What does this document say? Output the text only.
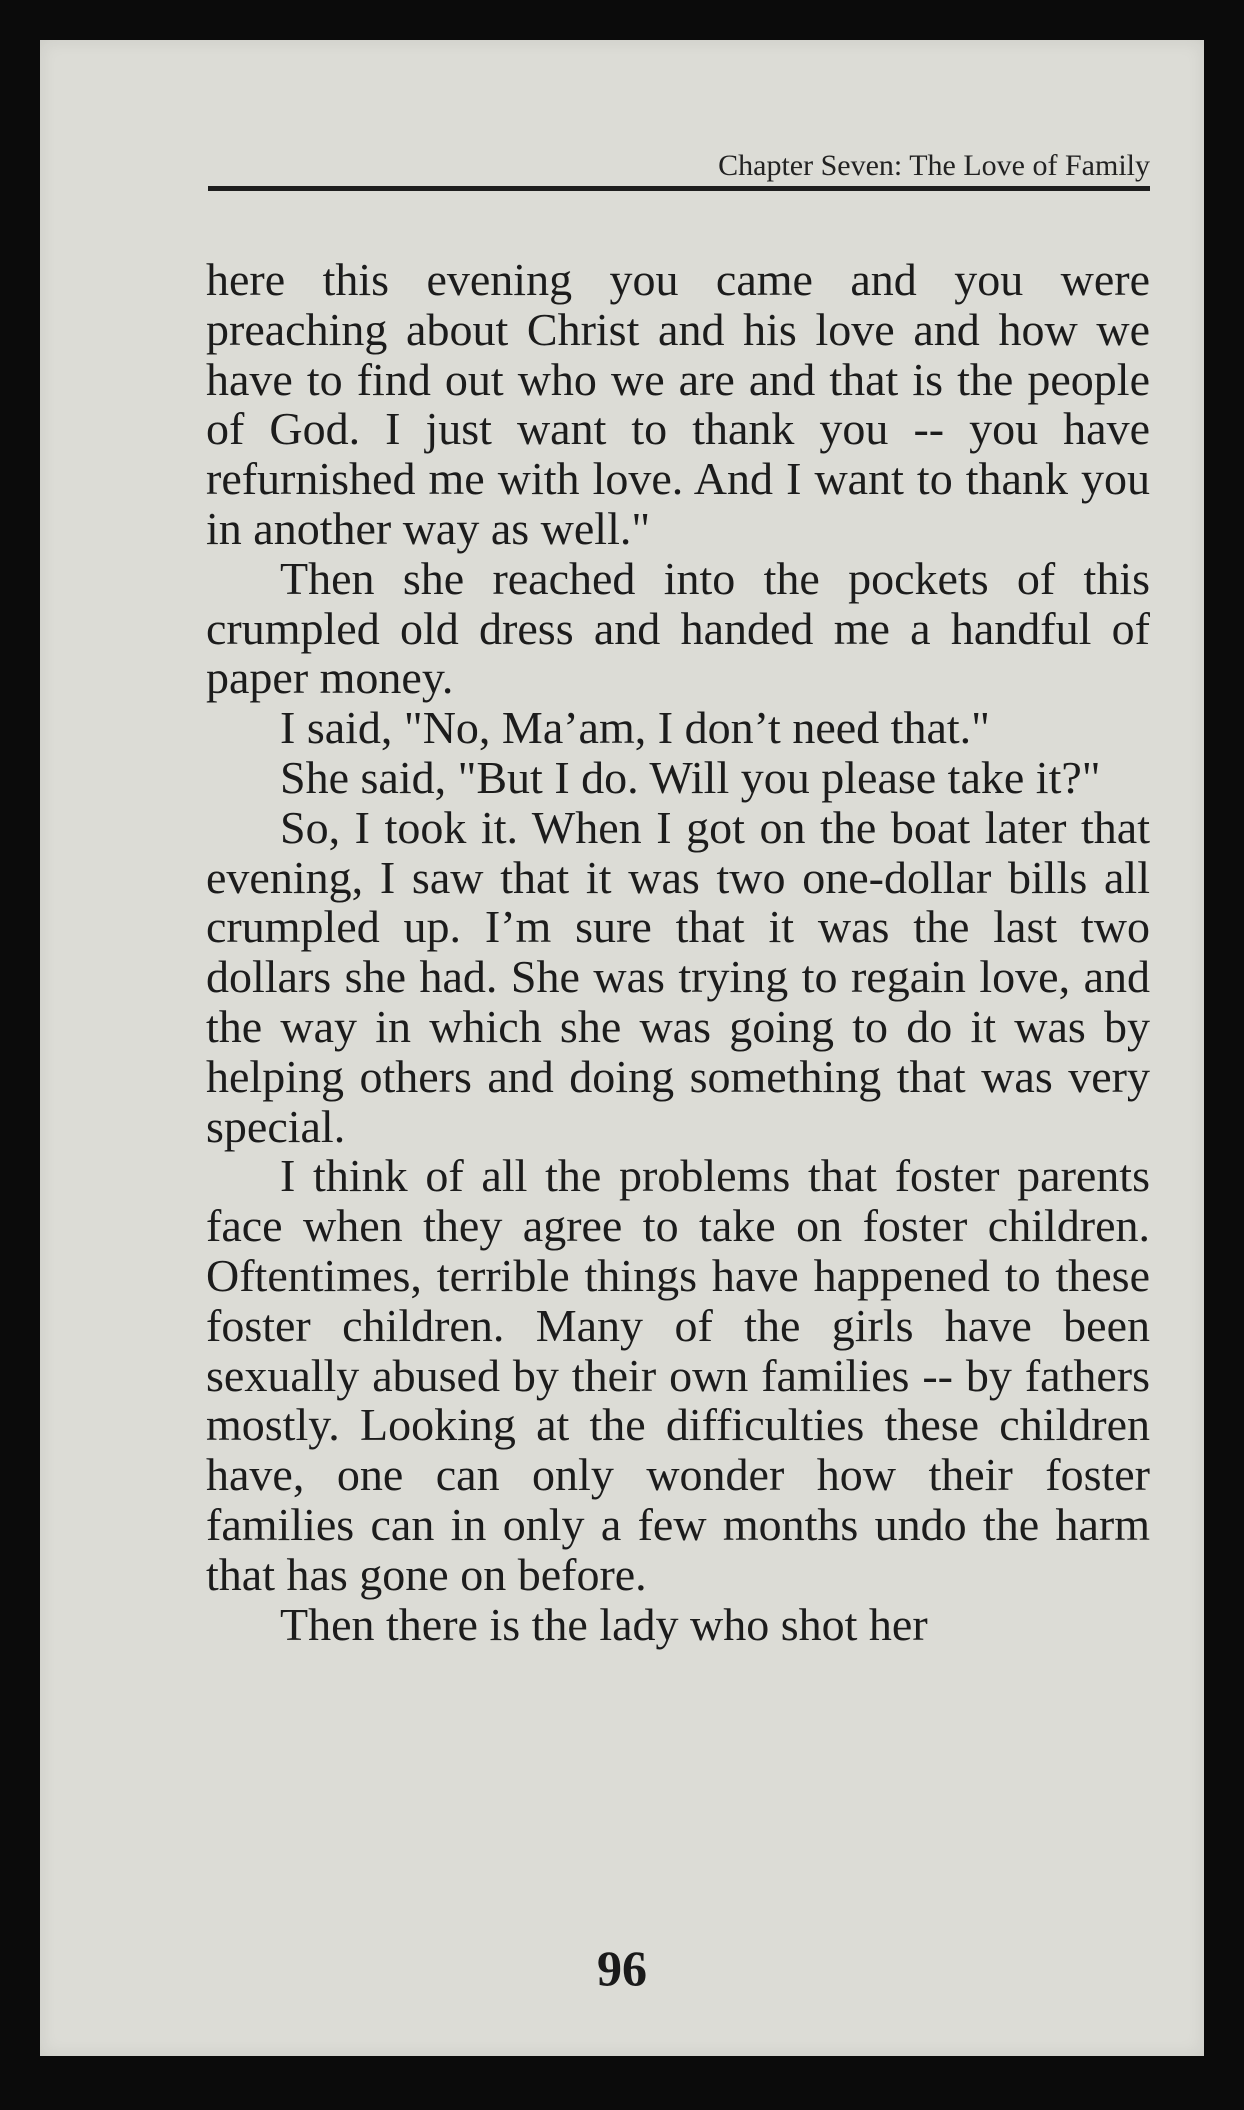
Chapter Seven: The Love of Family

here this evening you came and you were preaching about Christ and his love and how we have to find out who we are and that is the people of God. I just want to thank you -- you have refurnished me with love. And I want to thank you in another way as well."

Then she reached into the pockets of this crumpled old dress and handed me a handful of paper money.

I said, "No, Ma’am, I don’t need that."

She said, "But I do. Will you please take it?"

So, I took it. When I got on the boat later that evening, I saw that it was two one-dollar bills all crumpled up. I’m sure that it was the last two dollars she had. She was trying to regain love, and the way in which she was going to do it was by helping others and doing something that was very special.

I think of all the problems that foster parents face when they agree to take on foster children. Oftentimes, terrible things have happened to these foster children. Many of the girls have been sexually abused by their own families -- by fathers mostly. Looking at the difficulties these children have, one can only wonder how their foster families can in only a few months undo the harm that has gone on before.

Then there is the lady who shot her

96
